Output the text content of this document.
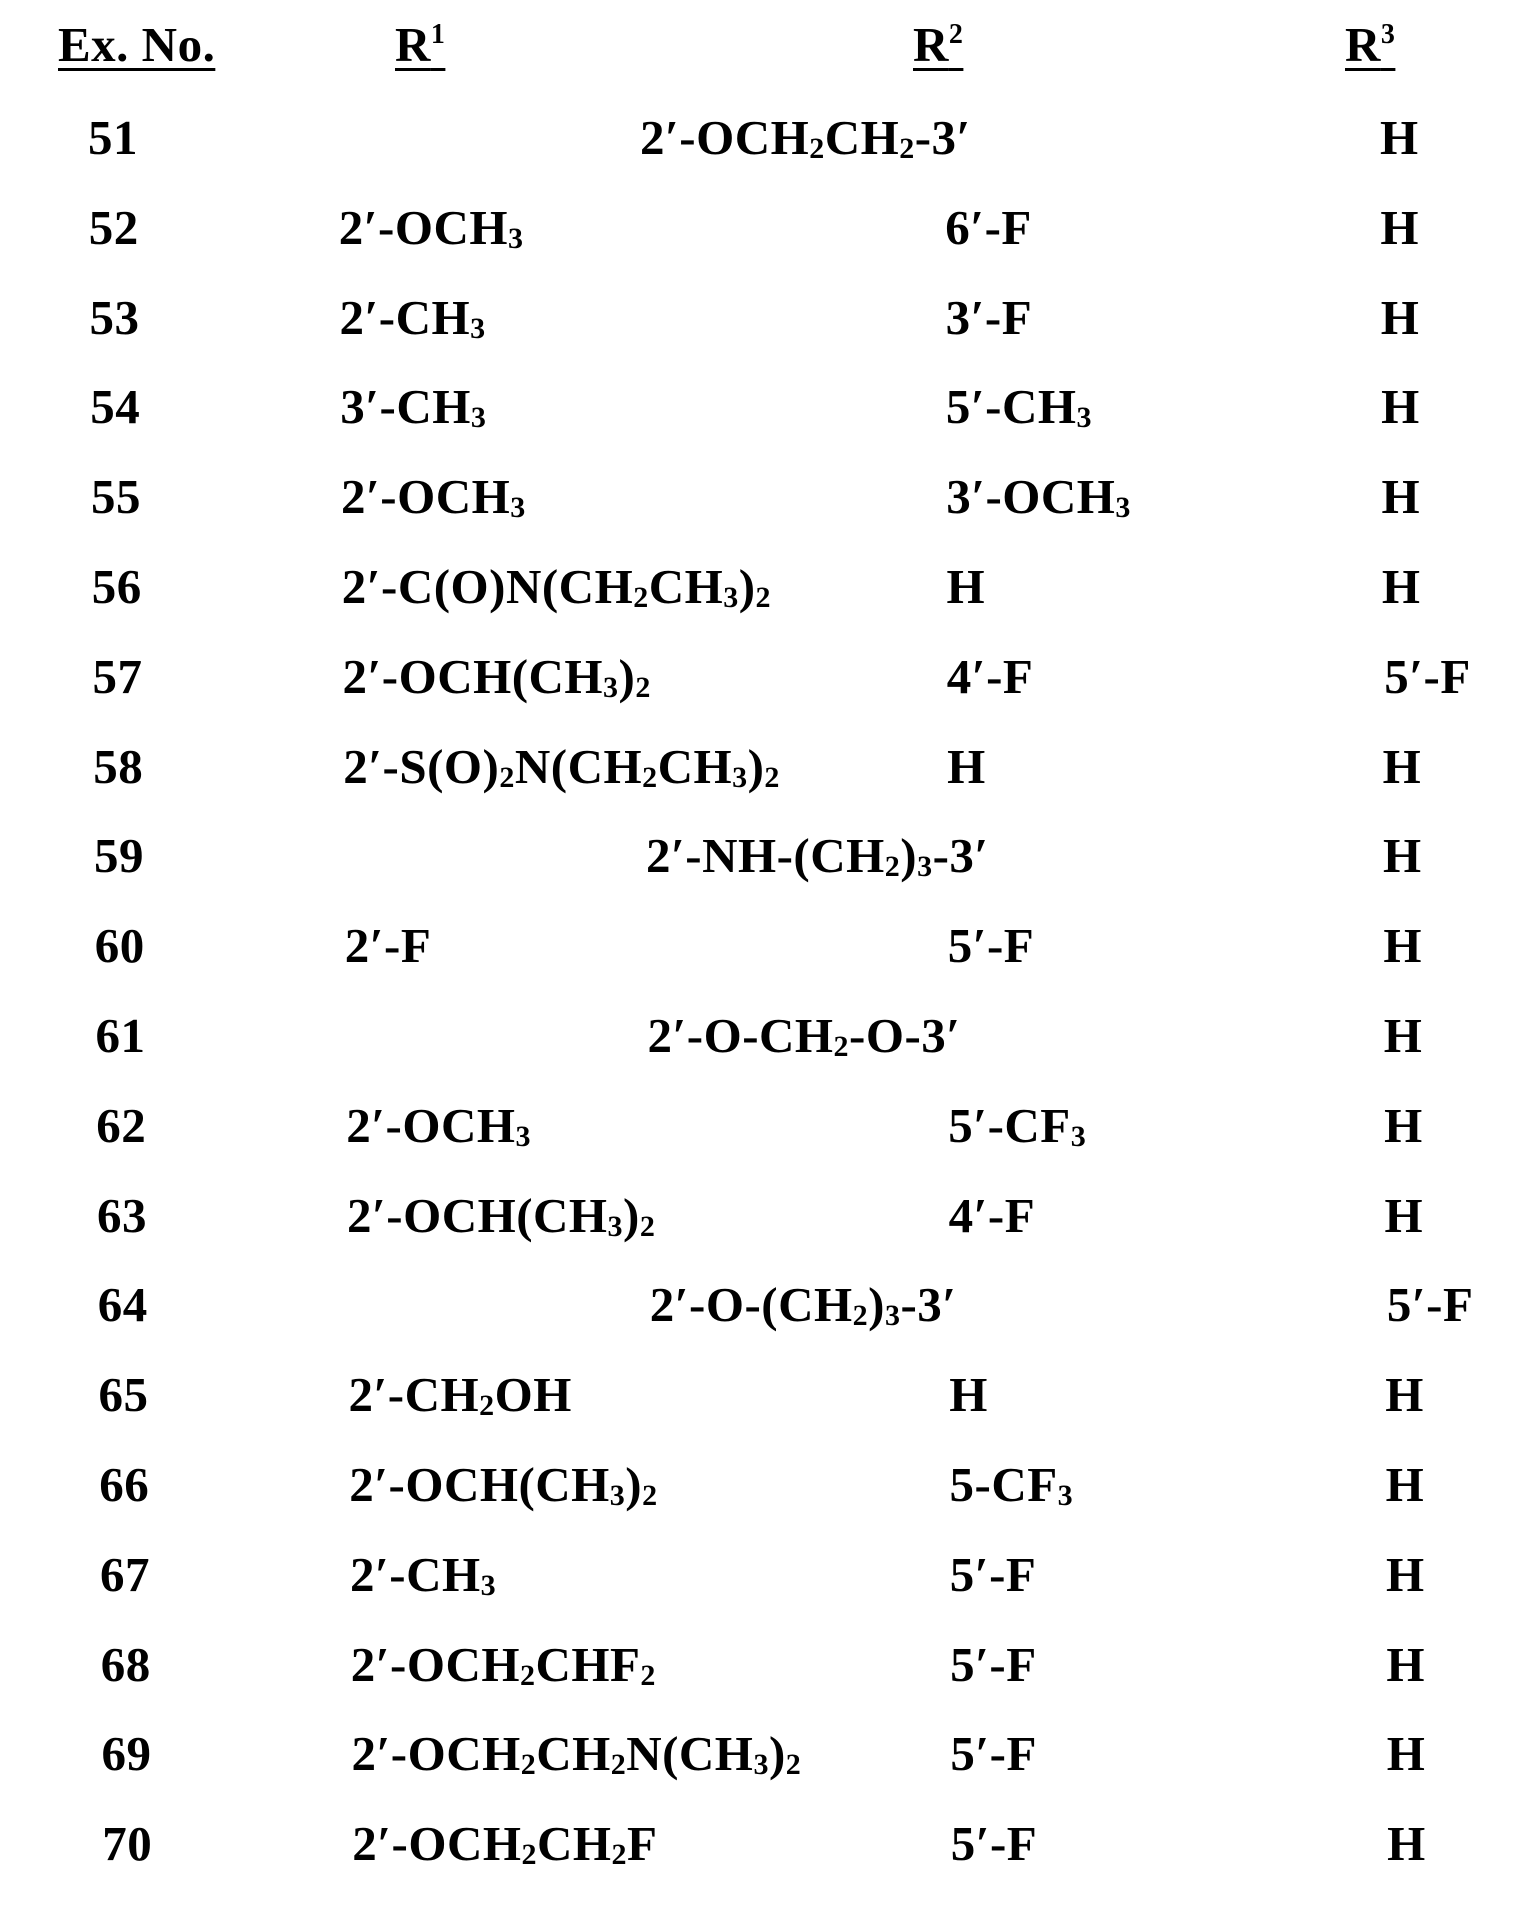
Ex. No.	$R^1$	$R^2$	$R^3$
51	$2'-OCH_2CH_2-3'$	H
52	$2'-OCH_3$	6′-F	H
53	$2'-CH_3$	3′-F	H
54	$3'-CH_3$	$5'-CH_3$	H
55	$2'-OCH_3$	$3'-OCH_3$	H
56	$2'-C(O)N(CH_2CH_3)_2$	H	H
57	$2'-OCH(CH_3)_2$	4′-F	5′-F
58	$2'-S(O)_2N(CH_2CH_3)_2$	H	H
59	$2'-NH-(CH_2)_3-3'$	H
60	2′-F	5′-F	H
61	$2'-O-CH_2-O-3'$	H
62	$2'-OCH_3$	$5'-CF_3$	H
63	$2'-OCH(CH_3)_2$	4′-F	H
64	$2'-O-(CH_2)_3-3'$	5′-F
65	$2'-CH_2OH$	H	H
66	$2'-OCH(CH_3)_2$	$5-CF_3$	H
67	$2'-CH_3$	5′-F	H
68	$2'-OCH_2CHF_2$	5′-F	H
69	$2'-OCH_2CH_2N(CH_3)_2$	5′-F	H
70	$2'-OCH_2CH_2F$	5′-F	H
